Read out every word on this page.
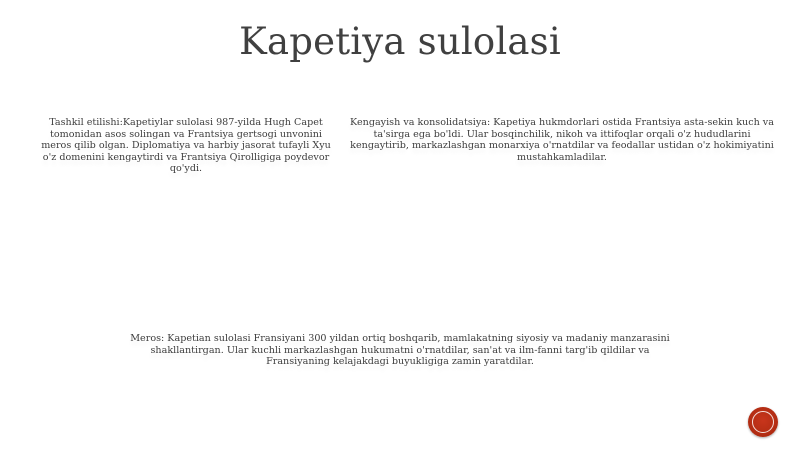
Kapetiya sulolasi
Tashkil etilishi:Kapetiylar sulolasi 987-yilda Hugh Capet tomonidan asos solingan va Frantsiya gertsogi unvonini meros qilib olgan. Diplomatiya va harbiy jasorat tufayli Xyu o'z domenini kengaytirdi va Frantsiya Qirolligiga poydevor qo'ydi.
Kengayish va konsolidatsiya: Kapetiya hukmdorlari ostida Frantsiya asta-sekin kuch va ta'sirga ega bo'ldi. Ular bosqinchilik, nikoh va ittifoqlar orqali o'z hududlarini kengaytirib, markazlashgan monarxiya o'rnatdilar va feodallar ustidan o'z hokimiyatini mustahkamladilar.
Meros: Kapetian sulolasi Fransiyani 300 yildan ortiq boshqarib, mamlakatning siyosiy va madaniy manzarasini shakllantirgan. Ular kuchli markazlashgan hukumatni o'rnatdilar, san'at va ilm-fanni targ'ib qildilar va Fransiyaning kelajakdagi buyukligiga zamin yaratdilar.
